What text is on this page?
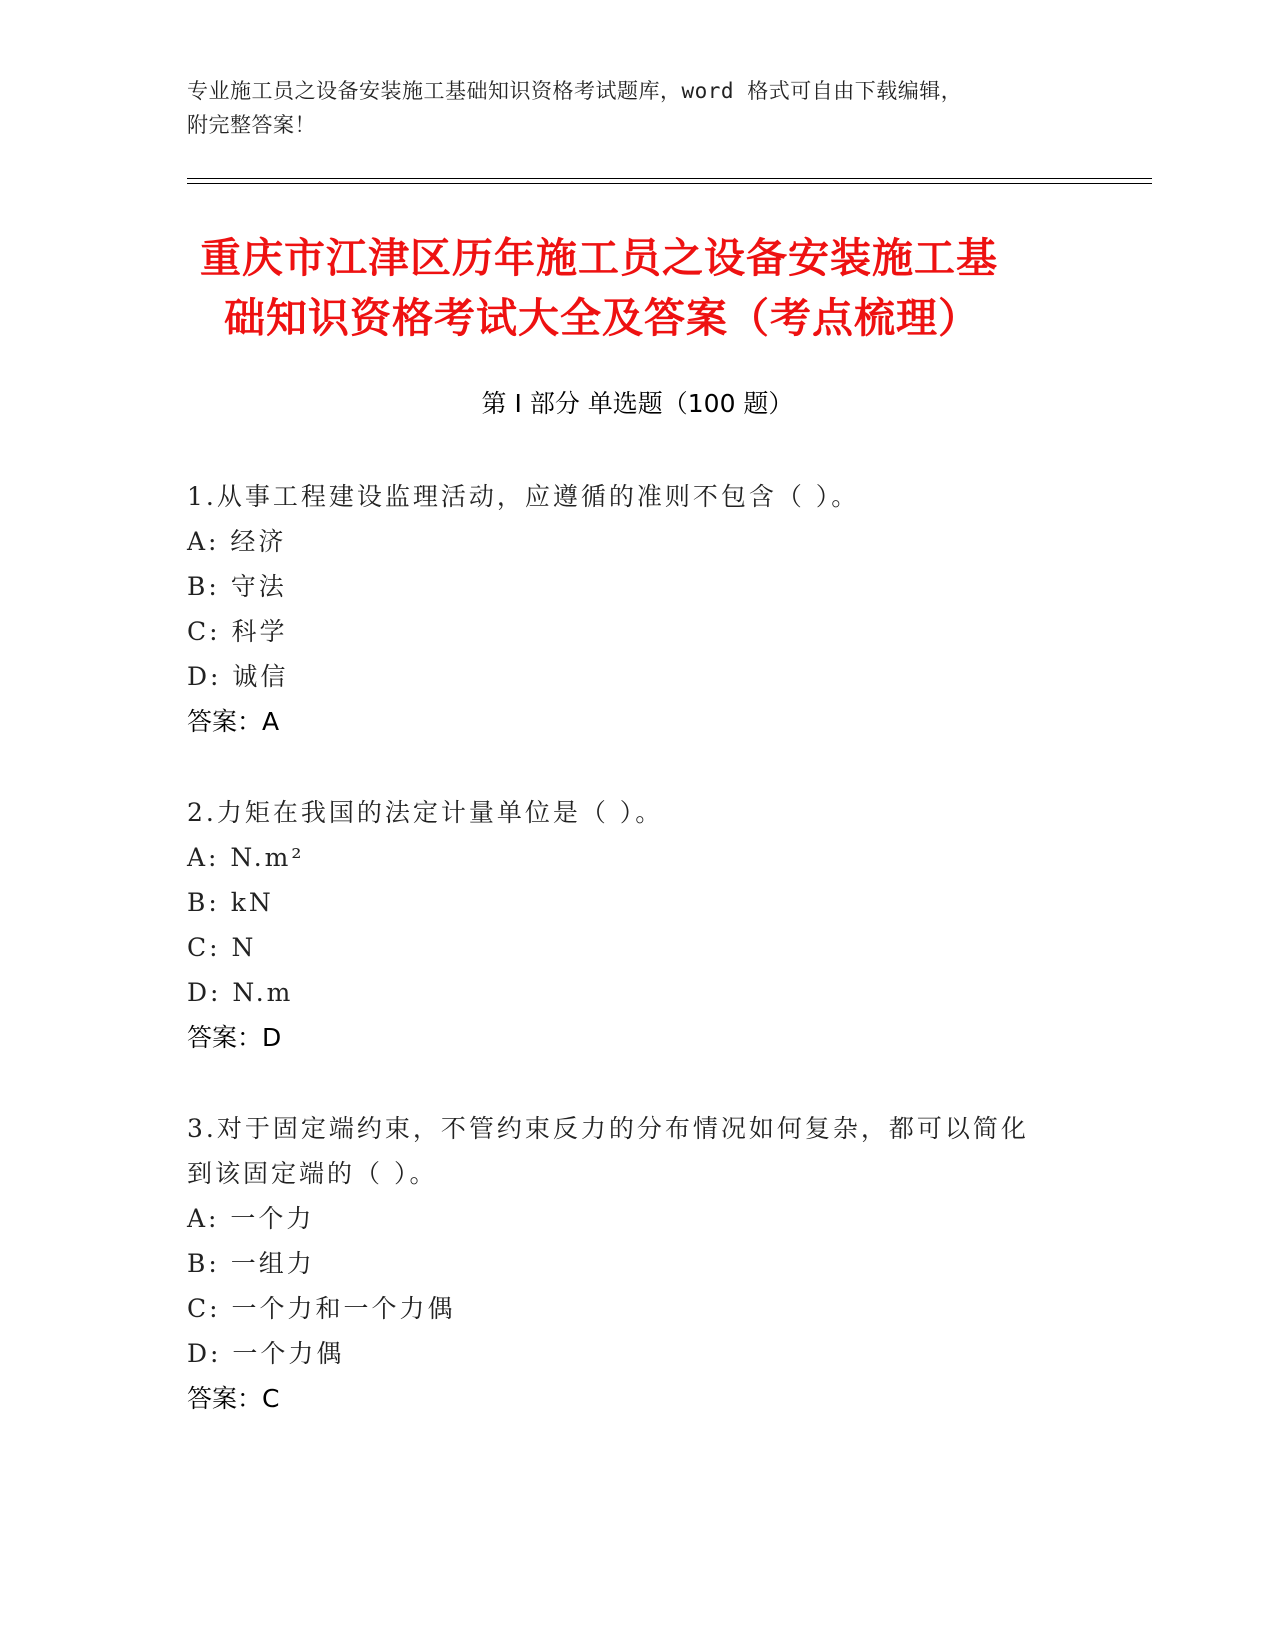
专业施工员之设备安装施工基础知识资格考试题库，word 格式可自由下载编辑，
附完整答案！
重庆市江津区历年施工员之设备安装施工基
础知识资格考试大全及答案（考点梳理）
第 I 部分 单选题（100 题）
1.从事工程建设监理活动，应遵循的准则不包含（ ）。
A: 经济
B: 守法
C: 科学
D: 诚信
答案：A
2.力矩在我国的法定计量单位是（ ）。
A: N.m²
B: kN
C: N
D: N.m
答案：D
3.对于固定端约束，不管约束反力的分布情况如何复杂，都可以简化
到该固定端的（ ）。
A: 一个力
B: 一组力
C: 一个力和一个力偶
D: 一个力偶
答案：C
